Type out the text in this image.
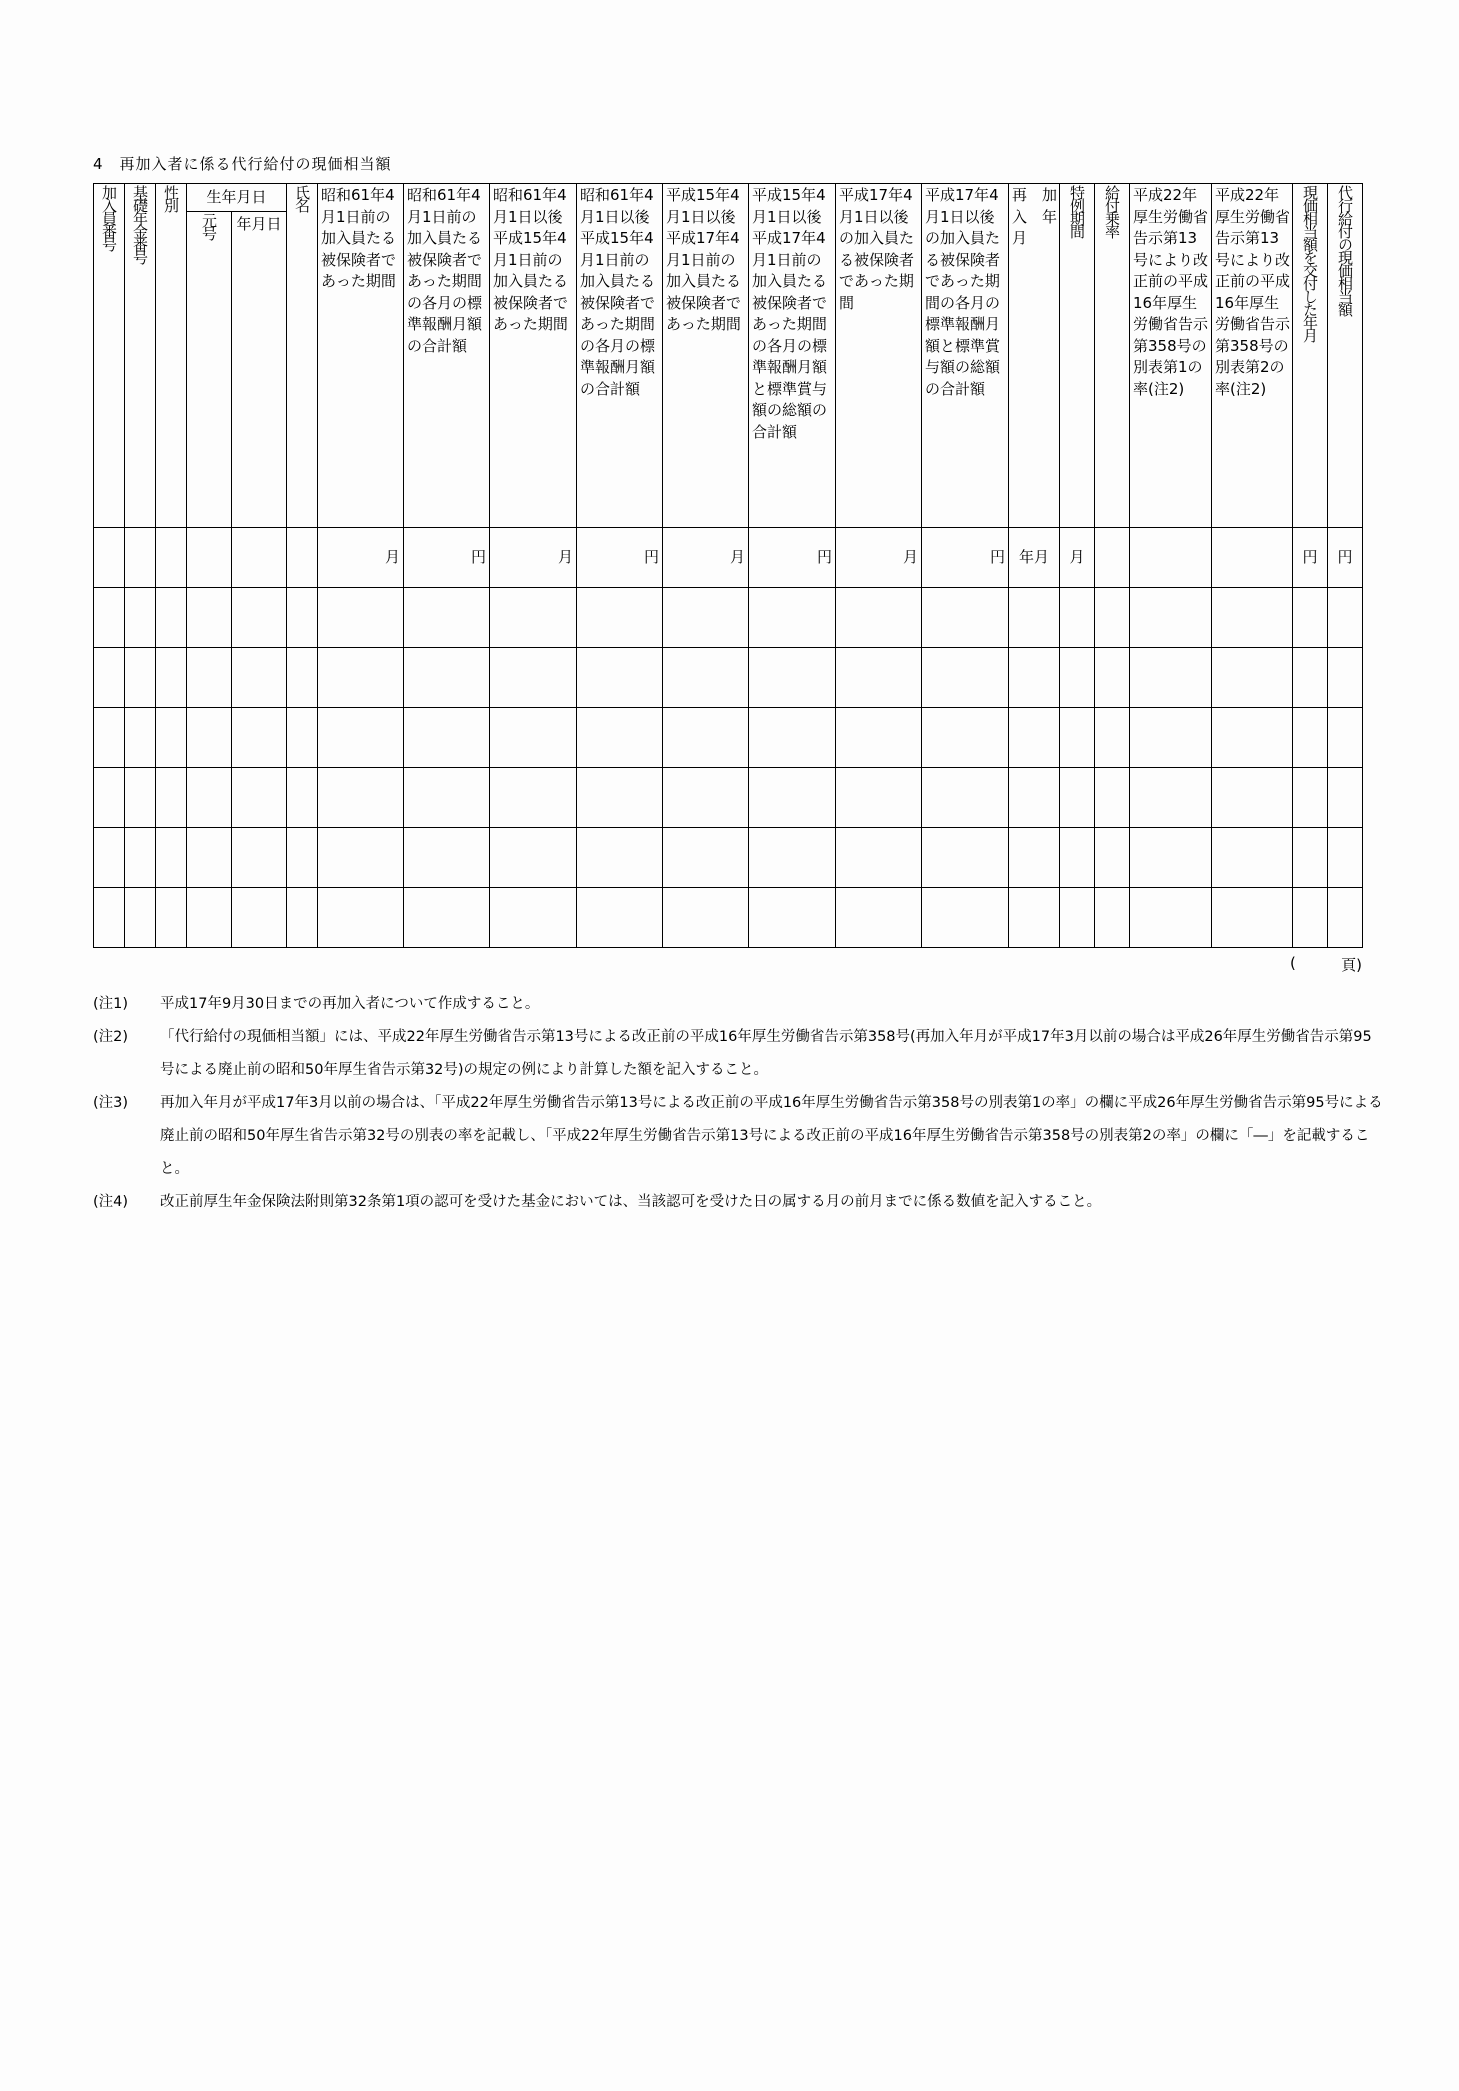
4　再加入者に係る代行給付の現価相当額
加入員番号	基礎年金番号	性別	生年月日		氏名	昭和61年4月1日前の加入員たる被保険者であった期間	昭和61年4月1日前の加入員たる被保険者であった期間の各月の標準報酬月額の合計額	昭和61年4月1日以後平成15年4月1日前の加入員たる被保険者であった期間	昭和61年4月1日以後平成15年4月1日前の加入員たる被保険者であった期間の各月の標準報酬月額の合計額	平成15年4月1日以後平成17年4月1日前の加入員たる被保険者であった期間	平成15年4月1日以後平成17年4月1日前の加入員たる被保険者であった期間の各月の標準報酬月額と標準賞与額の総額の合計額	平成17年4月1日以後の加入員たる被保険者であった期間	平成17年4月1日以後の加入員たる被保険者であった期間の各月の標準報酬月額と標準賞与額の総額の合計額	再　加入　年月	特例期間	給付乗率	平成22年厚生労働省告示第13号により改正前の平成16年厚生労働省告示第358号の別表第1の率(注2)	平成22年厚生労働省告示第13号により改正前の平成16年厚生労働省告示第358号の別表第2の率(注2)	現価相当額を交付した年月	代行給付の現価相当額

			元号	年月日																
						月	円	月	円	月	円	月	円	年月	月				円	円

(	頁)
(注1)	平成17年9月30日までの再加入者について作成すること。
(注2)	「代行給付の現価相当額」には、平成22年厚生労働省告示第13号による改正前の平成16年厚生労働省告示第358号(再加入年月が平成17年3月以前の場合は平成26年厚生労働省告示第95号による廃止前の昭和50年厚生省告示第32号)の規定の例により計算した額を記入すること。
(注3)	再加入年月が平成17年3月以前の場合は、「平成22年厚生労働省告示第13号による改正前の平成16年厚生労働省告示第358号の別表第1の率」の欄に平成26年厚生労働省告示第95号による廃止前の昭和50年厚生省告示第32号の別表の率を記載し、「平成22年厚生労働省告示第13号による改正前の平成16年厚生労働省告示第358号の別表第2の率」の欄に「―」を記載すること。
(注4)	改正前厚生年金保険法附則第32条第1項の認可を受けた基金においては、当該認可を受けた日の属する月の前月までに係る数値を記入すること。
